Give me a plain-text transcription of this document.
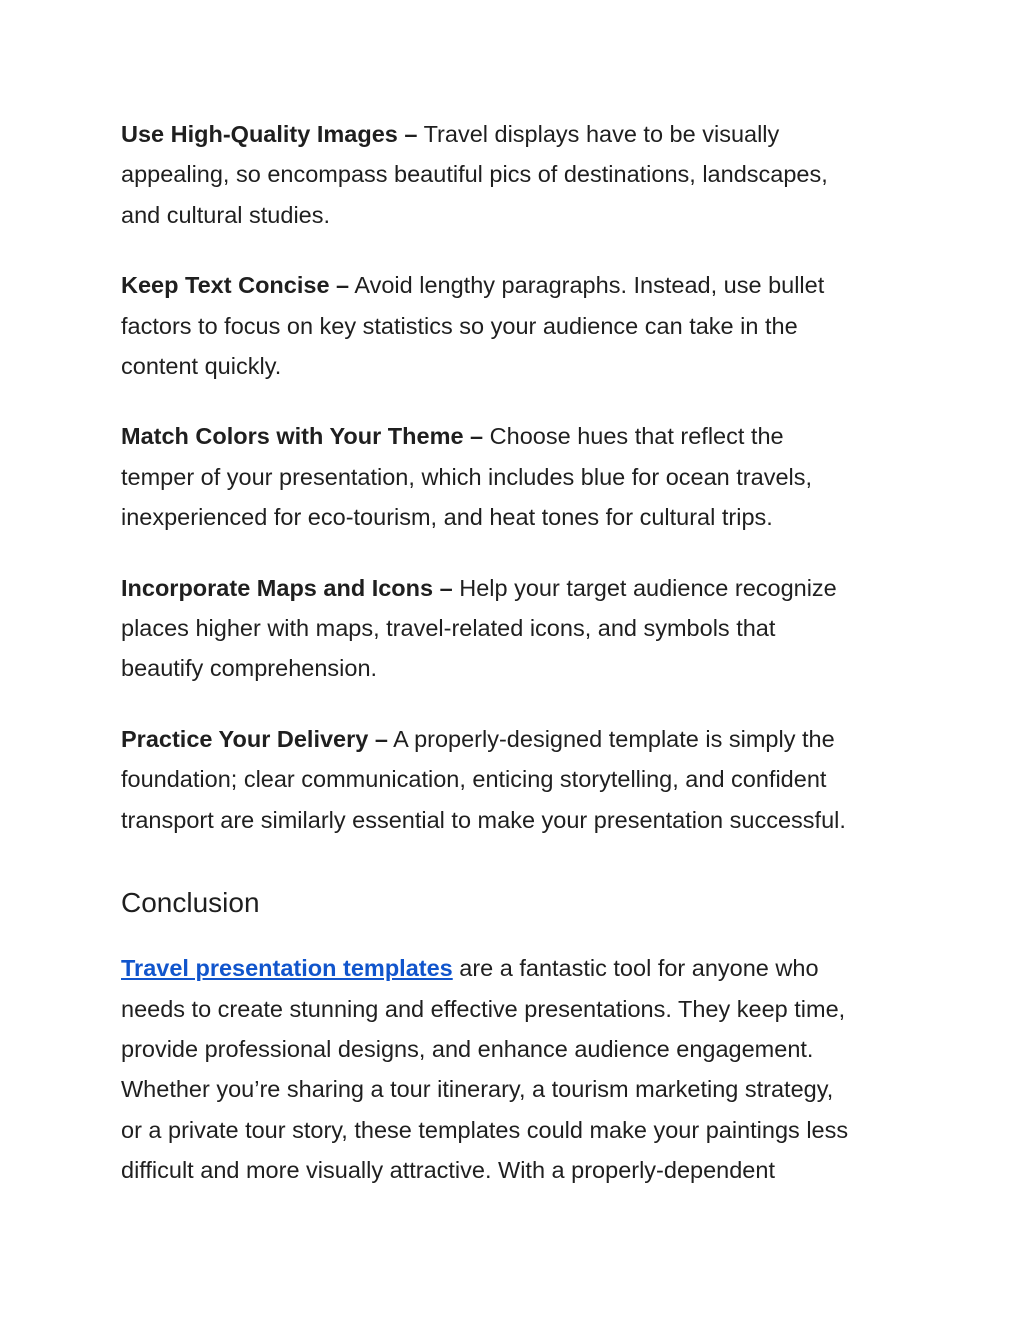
Use High-Quality Images – Travel displays have to be visually
appealing, so encompass beautiful pics of destinations, landscapes,
and cultural studies.
Keep Text Concise – Avoid lengthy paragraphs. Instead, use bullet
factors to focus on key statistics so your audience can take in the
content quickly.
Match Colors with Your Theme – Choose hues that reflect the
temper of your presentation, which includes blue for ocean travels,
inexperienced for eco-tourism, and heat tones for cultural trips.
Incorporate Maps and Icons – Help your target audience recognize
places higher with maps, travel-related icons, and symbols that
beautify comprehension.
Practice Your Delivery – A properly-designed template is simply the
foundation; clear communication, enticing storytelling, and confident
transport are similarly essential to make your presentation successful.
Conclusion
Travel presentation templates are a fantastic tool for anyone who
needs to create stunning and effective presentations. They keep time,
provide professional designs, and enhance audience engagement.
Whether you’re sharing a tour itinerary, a tourism marketing strategy,
or a private tour story, these templates could make your paintings less
difficult and more visually attractive. With a properly-dependent
